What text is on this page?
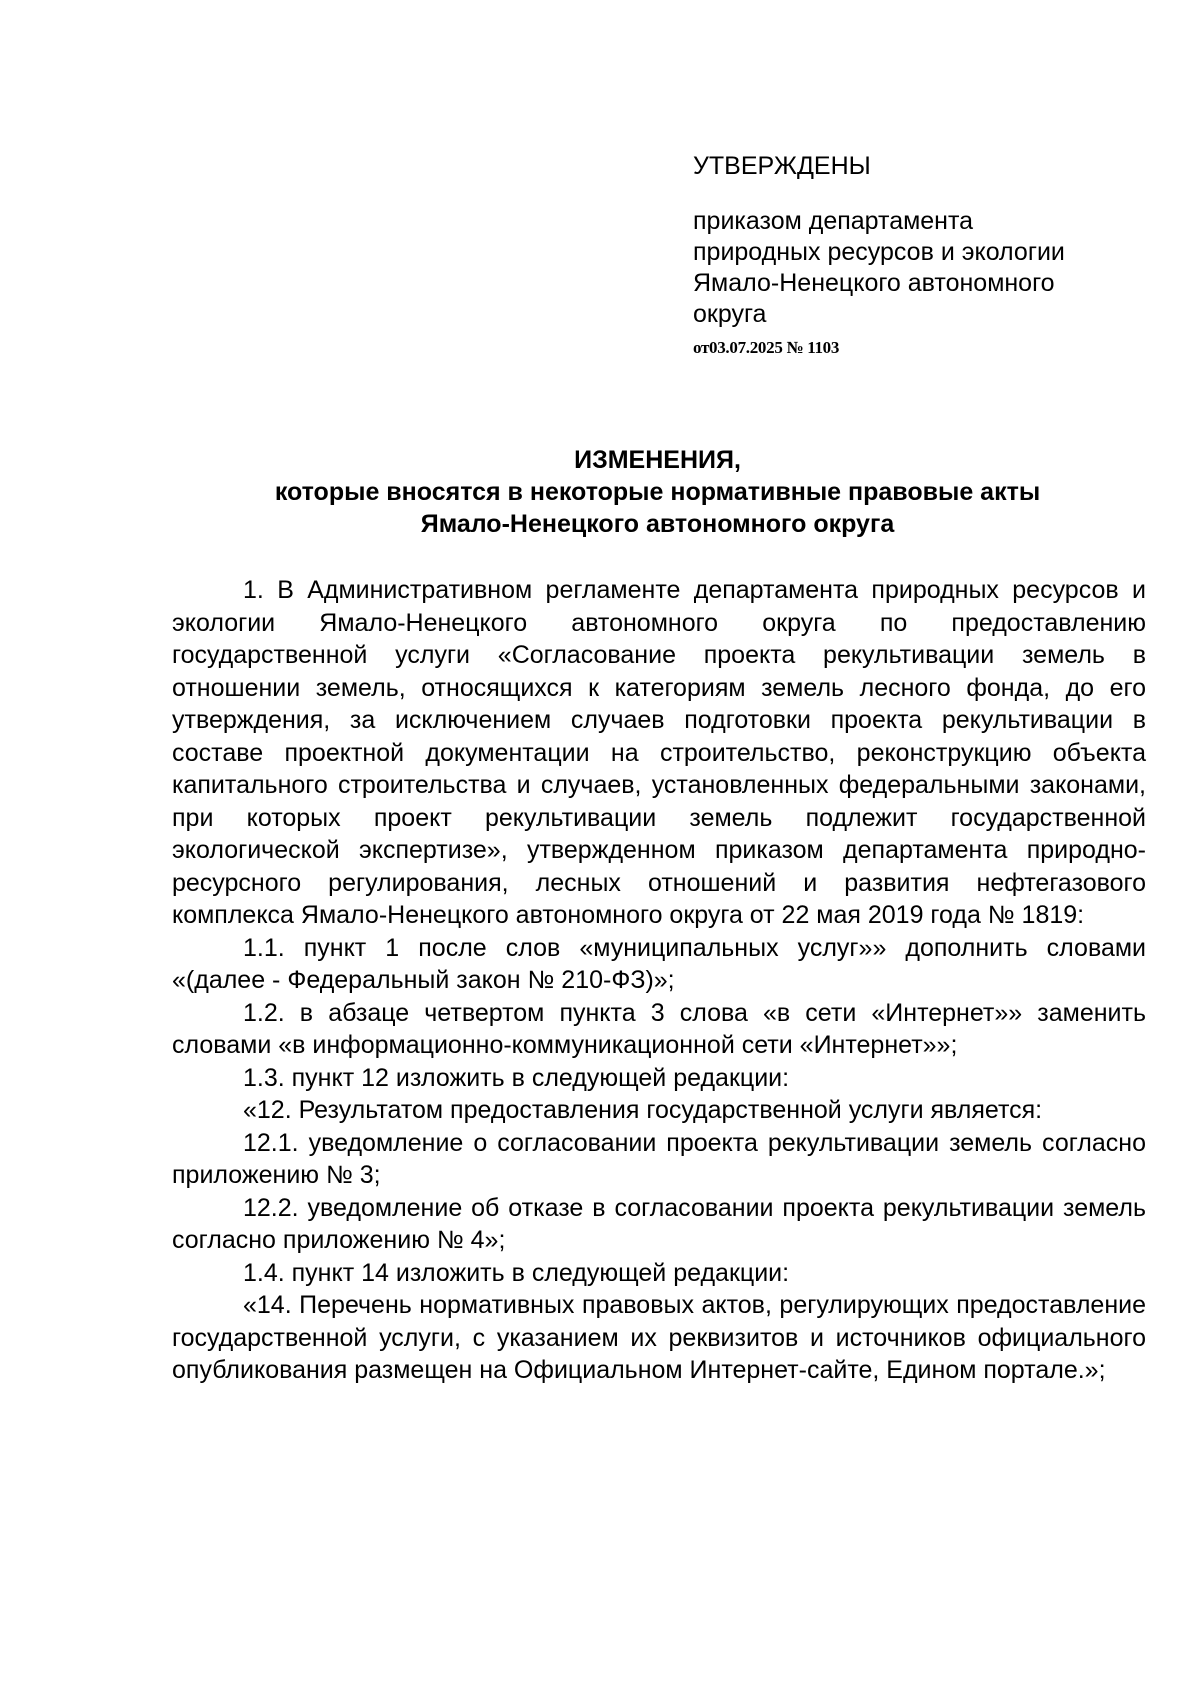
УТВЕРЖДЕНЫ

приказом департамента
природных ресурсов и экологии
Ямало-Ненецкого автономного
округа

от03.07.2025 № 1103

ИЗМЕНЕНИЯ,
которые вносятся в некоторые нормативные правовые акты
Ямало-Ненецкого автономного округа

1. В Административном регламенте департамента природных ресурсов и экологии Ямало-Ненецкого автономного округа по предоставлению государственной услуги «Согласование проекта рекультивации земель в отношении земель, относящихся к категориям земель лесного фонда, до его утверждения, за исключением случаев подготовки проекта рекультивации в составе проектной документации на строительство, реконструкцию объекта капитального строительства и случаев, установленных федеральными законами, при которых проект рекультивации земель подлежит государственной экологической экспертизе», утвержденном приказом департамента природно-ресурсного регулирования, лесных отношений и развития нефтегазового комплекса Ямало-Ненецкого автономного округа от 22 мая 2019 года № 1819:

1.1. пункт 1 после слов «муниципальных услуг»» дополнить словами «(далее - Федеральный закон № 210-ФЗ)»;

1.2. в абзаце четвертом пункта 3 слова «в сети «Интернет»» заменить словами «в информационно-коммуникационной сети «Интернет»»;

1.3. пункт 12 изложить в следующей редакции:

«12. Результатом предоставления государственной услуги является:

12.1. уведомление о согласовании проекта рекультивации земель согласно приложению № 3;

12.2. уведомление об отказе в согласовании проекта рекультивации земель согласно приложению № 4»;

1.4. пункт 14 изложить в следующей редакции:

«14. Перечень нормативных правовых актов, регулирующих предоставление государственной услуги, с указанием их реквизитов и источников официального опубликования размещен на Официальном Интернет-сайте, Едином портале.»;
